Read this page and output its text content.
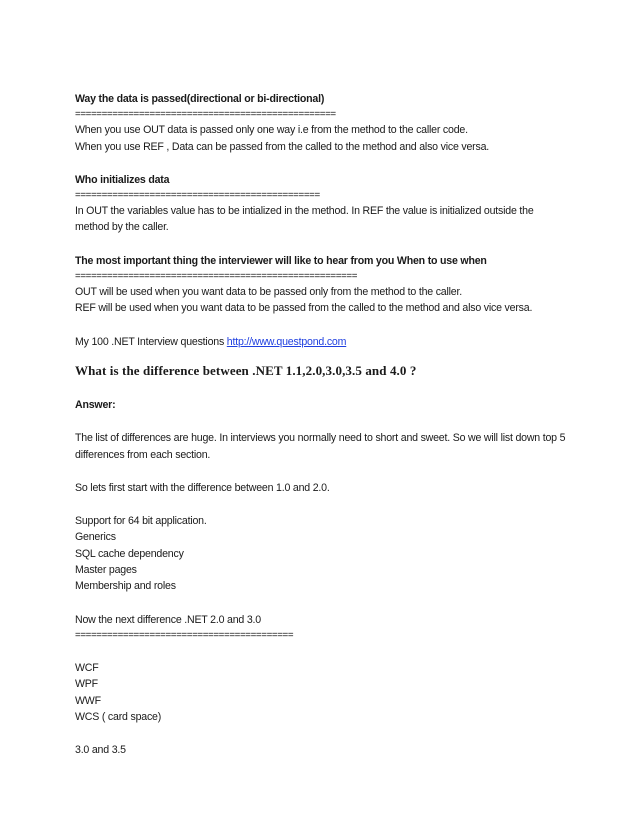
Way the data is passed(directional or bi-directional)
=================================================
When you use OUT data is passed only one way i.e from the method to the caller code.
When you use REF , Data can be passed from the called to the method and also vice versa.
Who initializes data
==============================================
In OUT the variables value has to be intialized in the method. In REF the value is initialized outside the method by the caller.
The most important thing the interviewer will like to hear from you When to use when
=====================================================
OUT will be used when you want data to be passed only from the method to the caller.
REF will be used when you want data to be passed from the called to the method and also vice versa.
My 100 .NET Interview questions http://www.questpond.com
What is the difference between .NET 1.1,2.0,3.0,3.5 and 4.0 ?
Answer:
The list of differences are huge. In interviews you normally need to short and sweet. So we will list down top 5 differences from each section.
So lets first start with the difference between 1.0 and 2.0.
Support for 64 bit application.
Generics
SQL cache dependency
Master pages
Membership and roles
Now the next difference .NET 2.0 and 3.0
=========================================
WCF
WPF
WWF
WCS ( card space)
3.0 and 3.5
